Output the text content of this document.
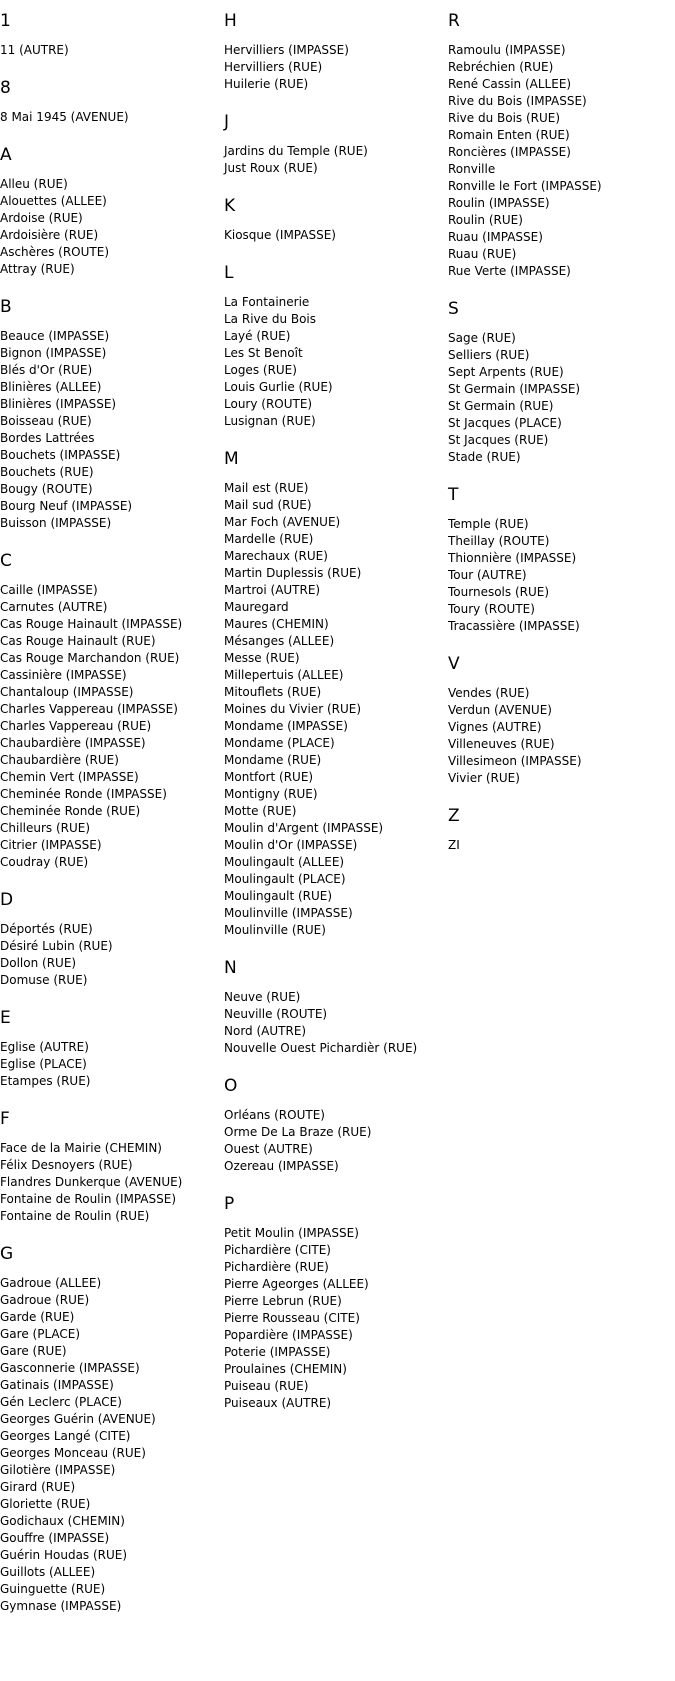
1
11 (AUTRE)
8
8 Mai 1945 (AVENUE)
A
Alleu (RUE)
Alouettes (ALLEE)
Ardoise (RUE)
Ardoisière (RUE)
Aschères (ROUTE)
Attray (RUE)
B
Beauce (IMPASSE)
Bignon (IMPASSE)
Blés d'Or (RUE)
Blinières (ALLEE)
Blinières (IMPASSE)
Boisseau (RUE)
Bordes Lattrées
Bouchets (IMPASSE)
Bouchets (RUE)
Bougy (ROUTE)
Bourg Neuf (IMPASSE)
Buisson (IMPASSE)
C
Caille (IMPASSE)
Carnutes (AUTRE)
Cas Rouge Hainault (IMPASSE)
Cas Rouge Hainault (RUE)
Cas Rouge Marchandon (RUE)
Cassinière (IMPASSE)
Chantaloup (IMPASSE)
Charles Vappereau (IMPASSE)
Charles Vappereau (RUE)
Chaubardière (IMPASSE)
Chaubardière (RUE)
Chemin Vert (IMPASSE)
Cheminée Ronde (IMPASSE)
Cheminée Ronde (RUE)
Chilleurs (RUE)
Citrier (IMPASSE)
Coudray (RUE)
D
Déportés (RUE)
Désiré Lubin (RUE)
Dollon (RUE)
Domuse (RUE)
E
Eglise (AUTRE)
Eglise (PLACE)
Etampes (RUE)
F
Face de la Mairie (CHEMIN)
Félix Desnoyers (RUE)
Flandres Dunkerque (AVENUE)
Fontaine de Roulin (IMPASSE)
Fontaine de Roulin (RUE)
G
Gadroue (ALLEE)
Gadroue (RUE)
Garde (RUE)
Gare (PLACE)
Gare (RUE)
Gasconnerie (IMPASSE)
Gatinais (IMPASSE)
Gén Leclerc (PLACE)
Georges Guérin (AVENUE)
Georges Langé (CITE)
Georges Monceau (RUE)
Gilotière (IMPASSE)
Girard (RUE)
Gloriette (RUE)
Godichaux (CHEMIN)
Gouffre (IMPASSE)
Guérin Houdas (RUE)
Guillots (ALLEE)
Guinguette (RUE)
Gymnase (IMPASSE)
H
Hervilliers (IMPASSE)
Hervilliers (RUE)
Huilerie (RUE)
J
Jardins du Temple (RUE)
Just Roux (RUE)
K
Kiosque (IMPASSE)
L
La Fontainerie
La Rive du Bois
Layé (RUE)
Les St Benoît
Loges (RUE)
Louis Gurlie (RUE)
Loury (ROUTE)
Lusignan (RUE)
M
Mail est (RUE)
Mail sud (RUE)
Mar Foch (AVENUE)
Mardelle (RUE)
Marechaux (RUE)
Martin Duplessis (RUE)
Martroi (AUTRE)
Mauregard
Maures (CHEMIN)
Mésanges (ALLEE)
Messe (RUE)
Millepertuis (ALLEE)
Mitouflets (RUE)
Moines du Vivier (RUE)
Mondame (IMPASSE)
Mondame (PLACE)
Mondame (RUE)
Montfort (RUE)
Montigny (RUE)
Motte (RUE)
Moulin d'Argent (IMPASSE)
Moulin d'Or (IMPASSE)
Moulingault (ALLEE)
Moulingault (PLACE)
Moulingault (RUE)
Moulinville (IMPASSE)
Moulinville (RUE)
N
Neuve (RUE)
Neuville (ROUTE)
Nord (AUTRE)
Nouvelle Ouest Pichardièr (RUE)
O
Orléans (ROUTE)
Orme De La Braze (RUE)
Ouest (AUTRE)
Ozereau (IMPASSE)
P
Petit Moulin (IMPASSE)
Pichardière (CITE)
Pichardière (RUE)
Pierre Ageorges (ALLEE)
Pierre Lebrun (RUE)
Pierre Rousseau (CITE)
Popardière (IMPASSE)
Poterie (IMPASSE)
Proulaines (CHEMIN)
Puiseau (RUE)
Puiseaux (AUTRE)
R
Ramoulu (IMPASSE)
Rebréchien (RUE)
René Cassin (ALLEE)
Rive du Bois (IMPASSE)
Rive du Bois (RUE)
Romain Enten (RUE)
Roncières (IMPASSE)
Ronville
Ronville le Fort (IMPASSE)
Roulin (IMPASSE)
Roulin (RUE)
Ruau (IMPASSE)
Ruau (RUE)
Rue Verte (IMPASSE)
S
Sage (RUE)
Selliers (RUE)
Sept Arpents (RUE)
St Germain (IMPASSE)
St Germain (RUE)
St Jacques (PLACE)
St Jacques (RUE)
Stade (RUE)
T
Temple (RUE)
Theillay (ROUTE)
Thionnière (IMPASSE)
Tour (AUTRE)
Tournesols (RUE)
Toury (ROUTE)
Tracassière (IMPASSE)
V
Vendes (RUE)
Verdun (AVENUE)
Vignes (AUTRE)
Villeneuves (RUE)
Villesimeon (IMPASSE)
Vivier (RUE)
Z
ZI
